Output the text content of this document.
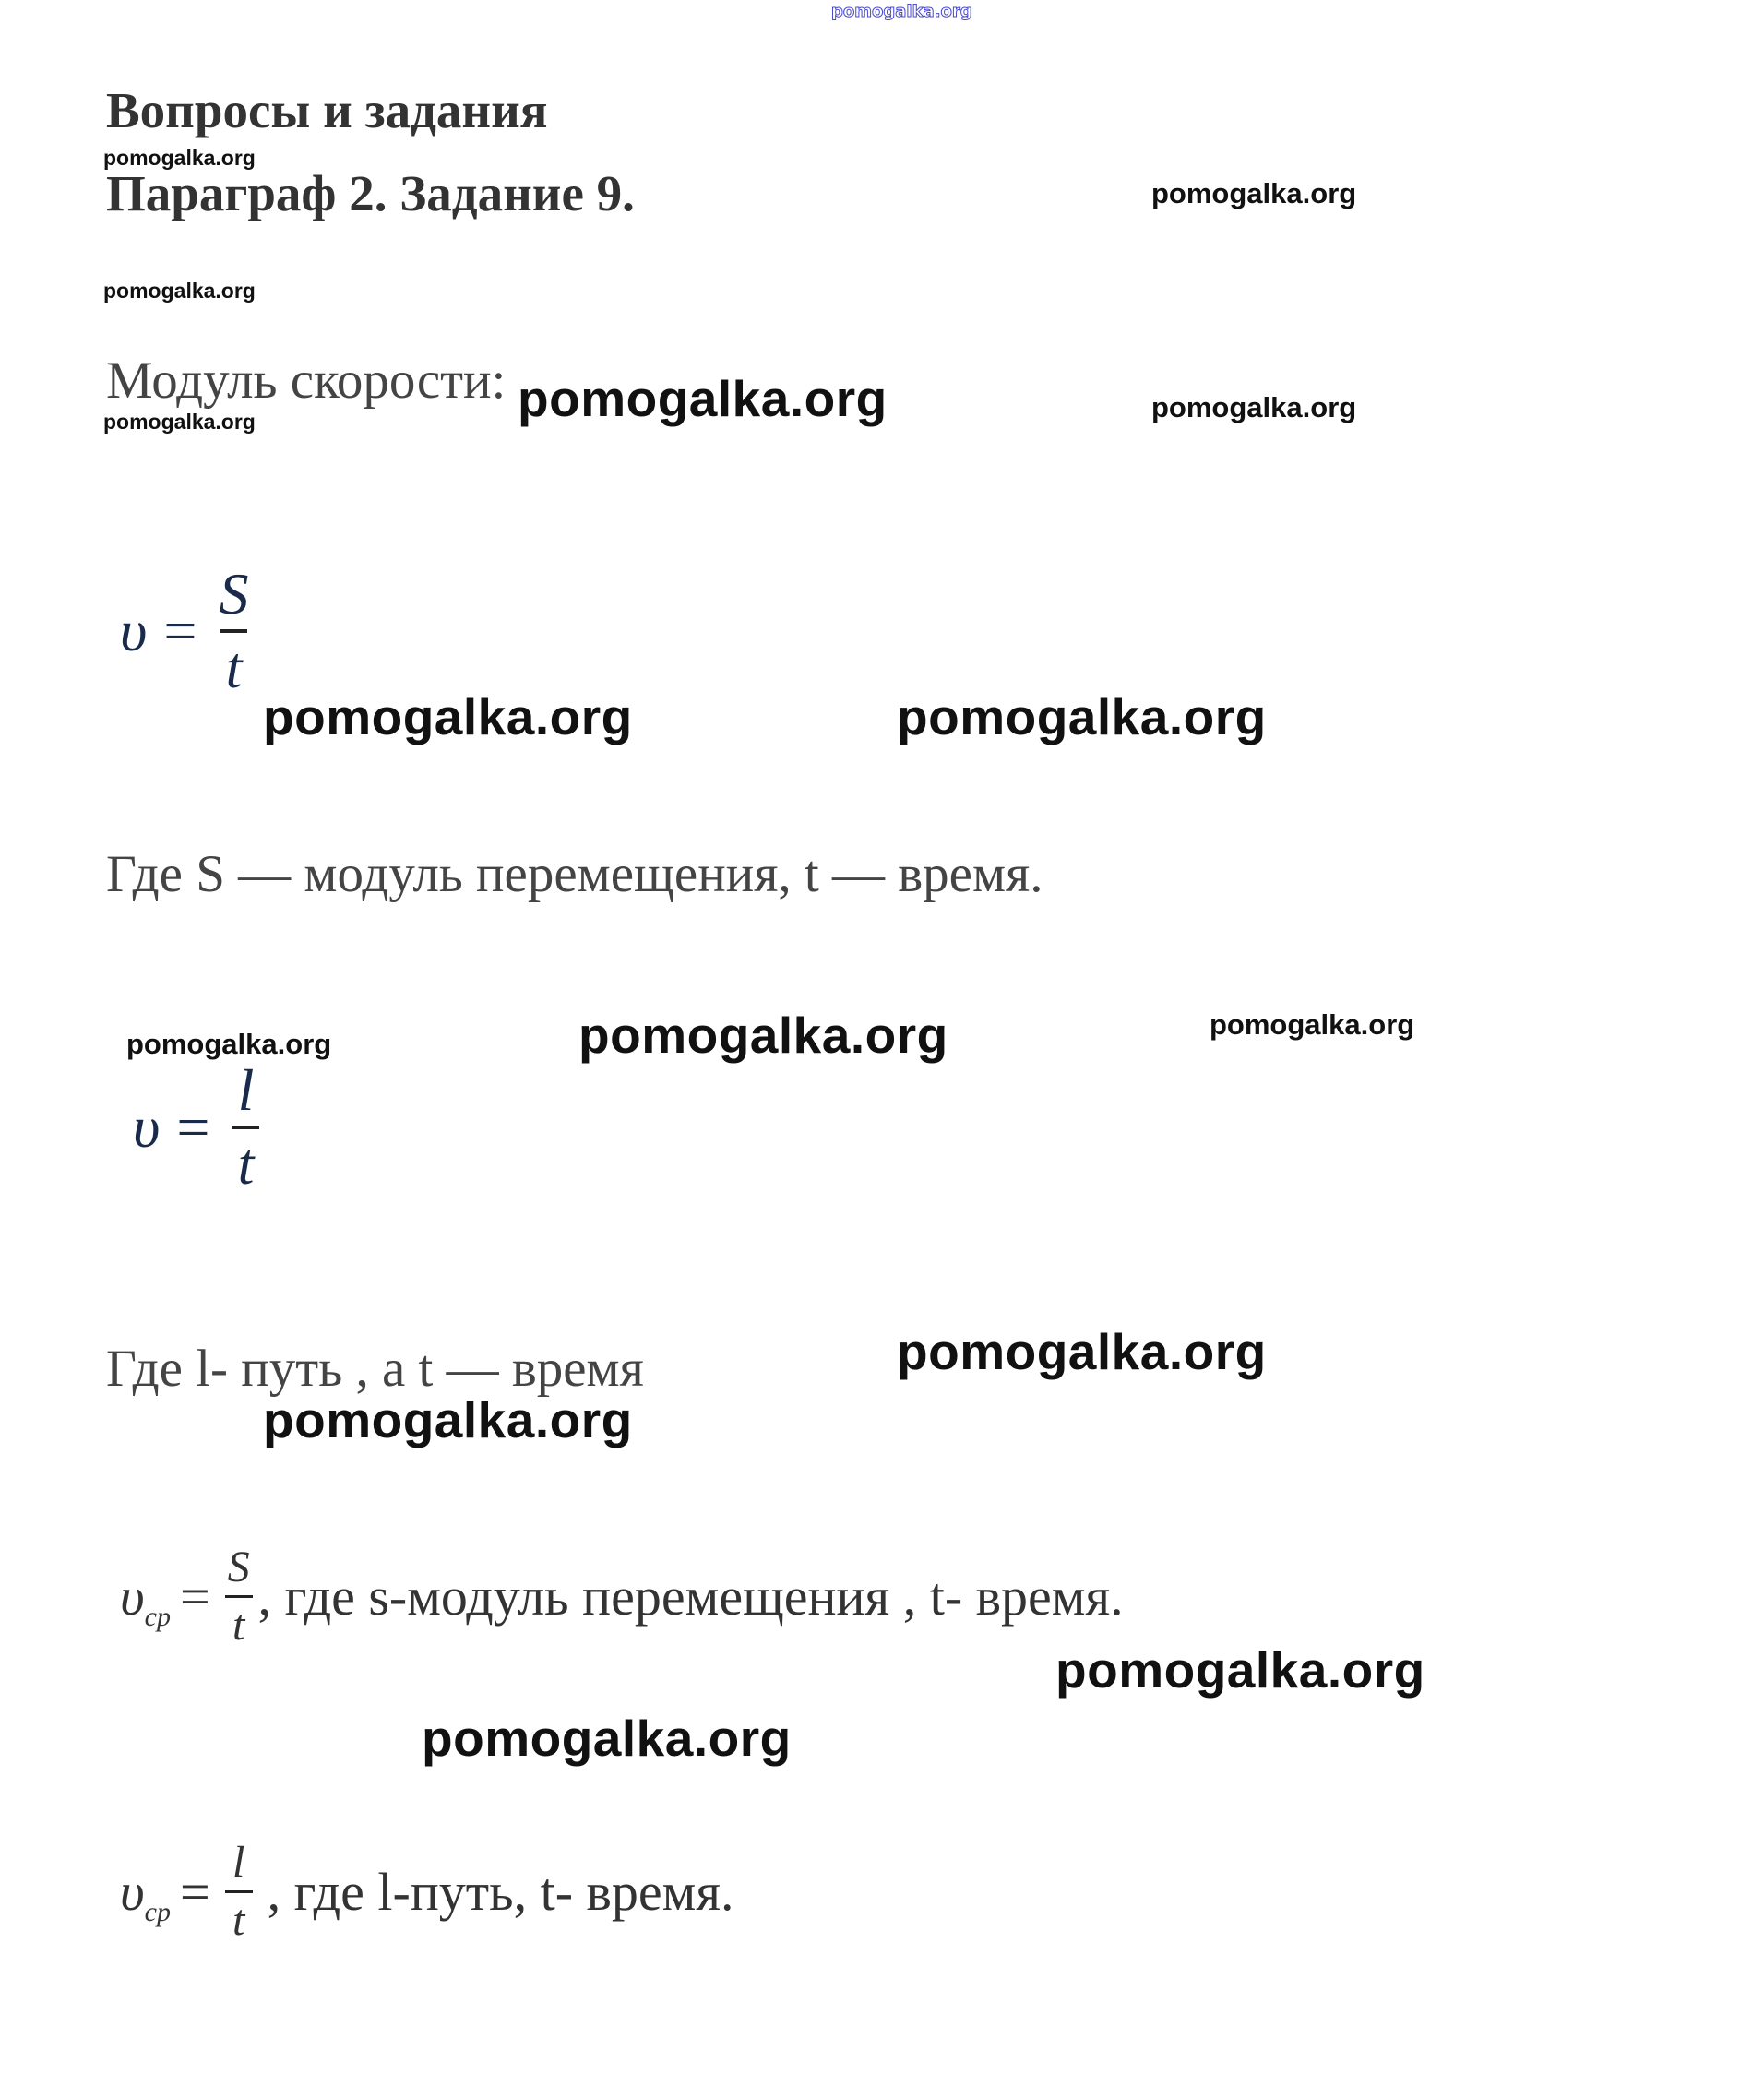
pomogalka.org
Вопросы и задания
pomogalka.org
Параграф 2. Задание 9.	pomogalka.org
pomogalka.org
Модуль скорости: pomogalka.org
pomogalka.org	pomogalka.org
$\upsilon = \frac{S}{t}$
pomogalka.org	pomogalka.org
Где S — модуль перемещения, t — время.
pomogalka.org	pomogalka.org	pomogalka.org
$\upsilon = \frac{l}{t}$
Где l- путь , а t — время	pomogalka.org
pomogalka.org
υ ср = $\frac{S}{t}$ , где s-модуль перемещения , t- время.
pomogalka.org
pomogalka.org
υ ср = $\frac{l}{t}$ , где l-путь, t- время.
